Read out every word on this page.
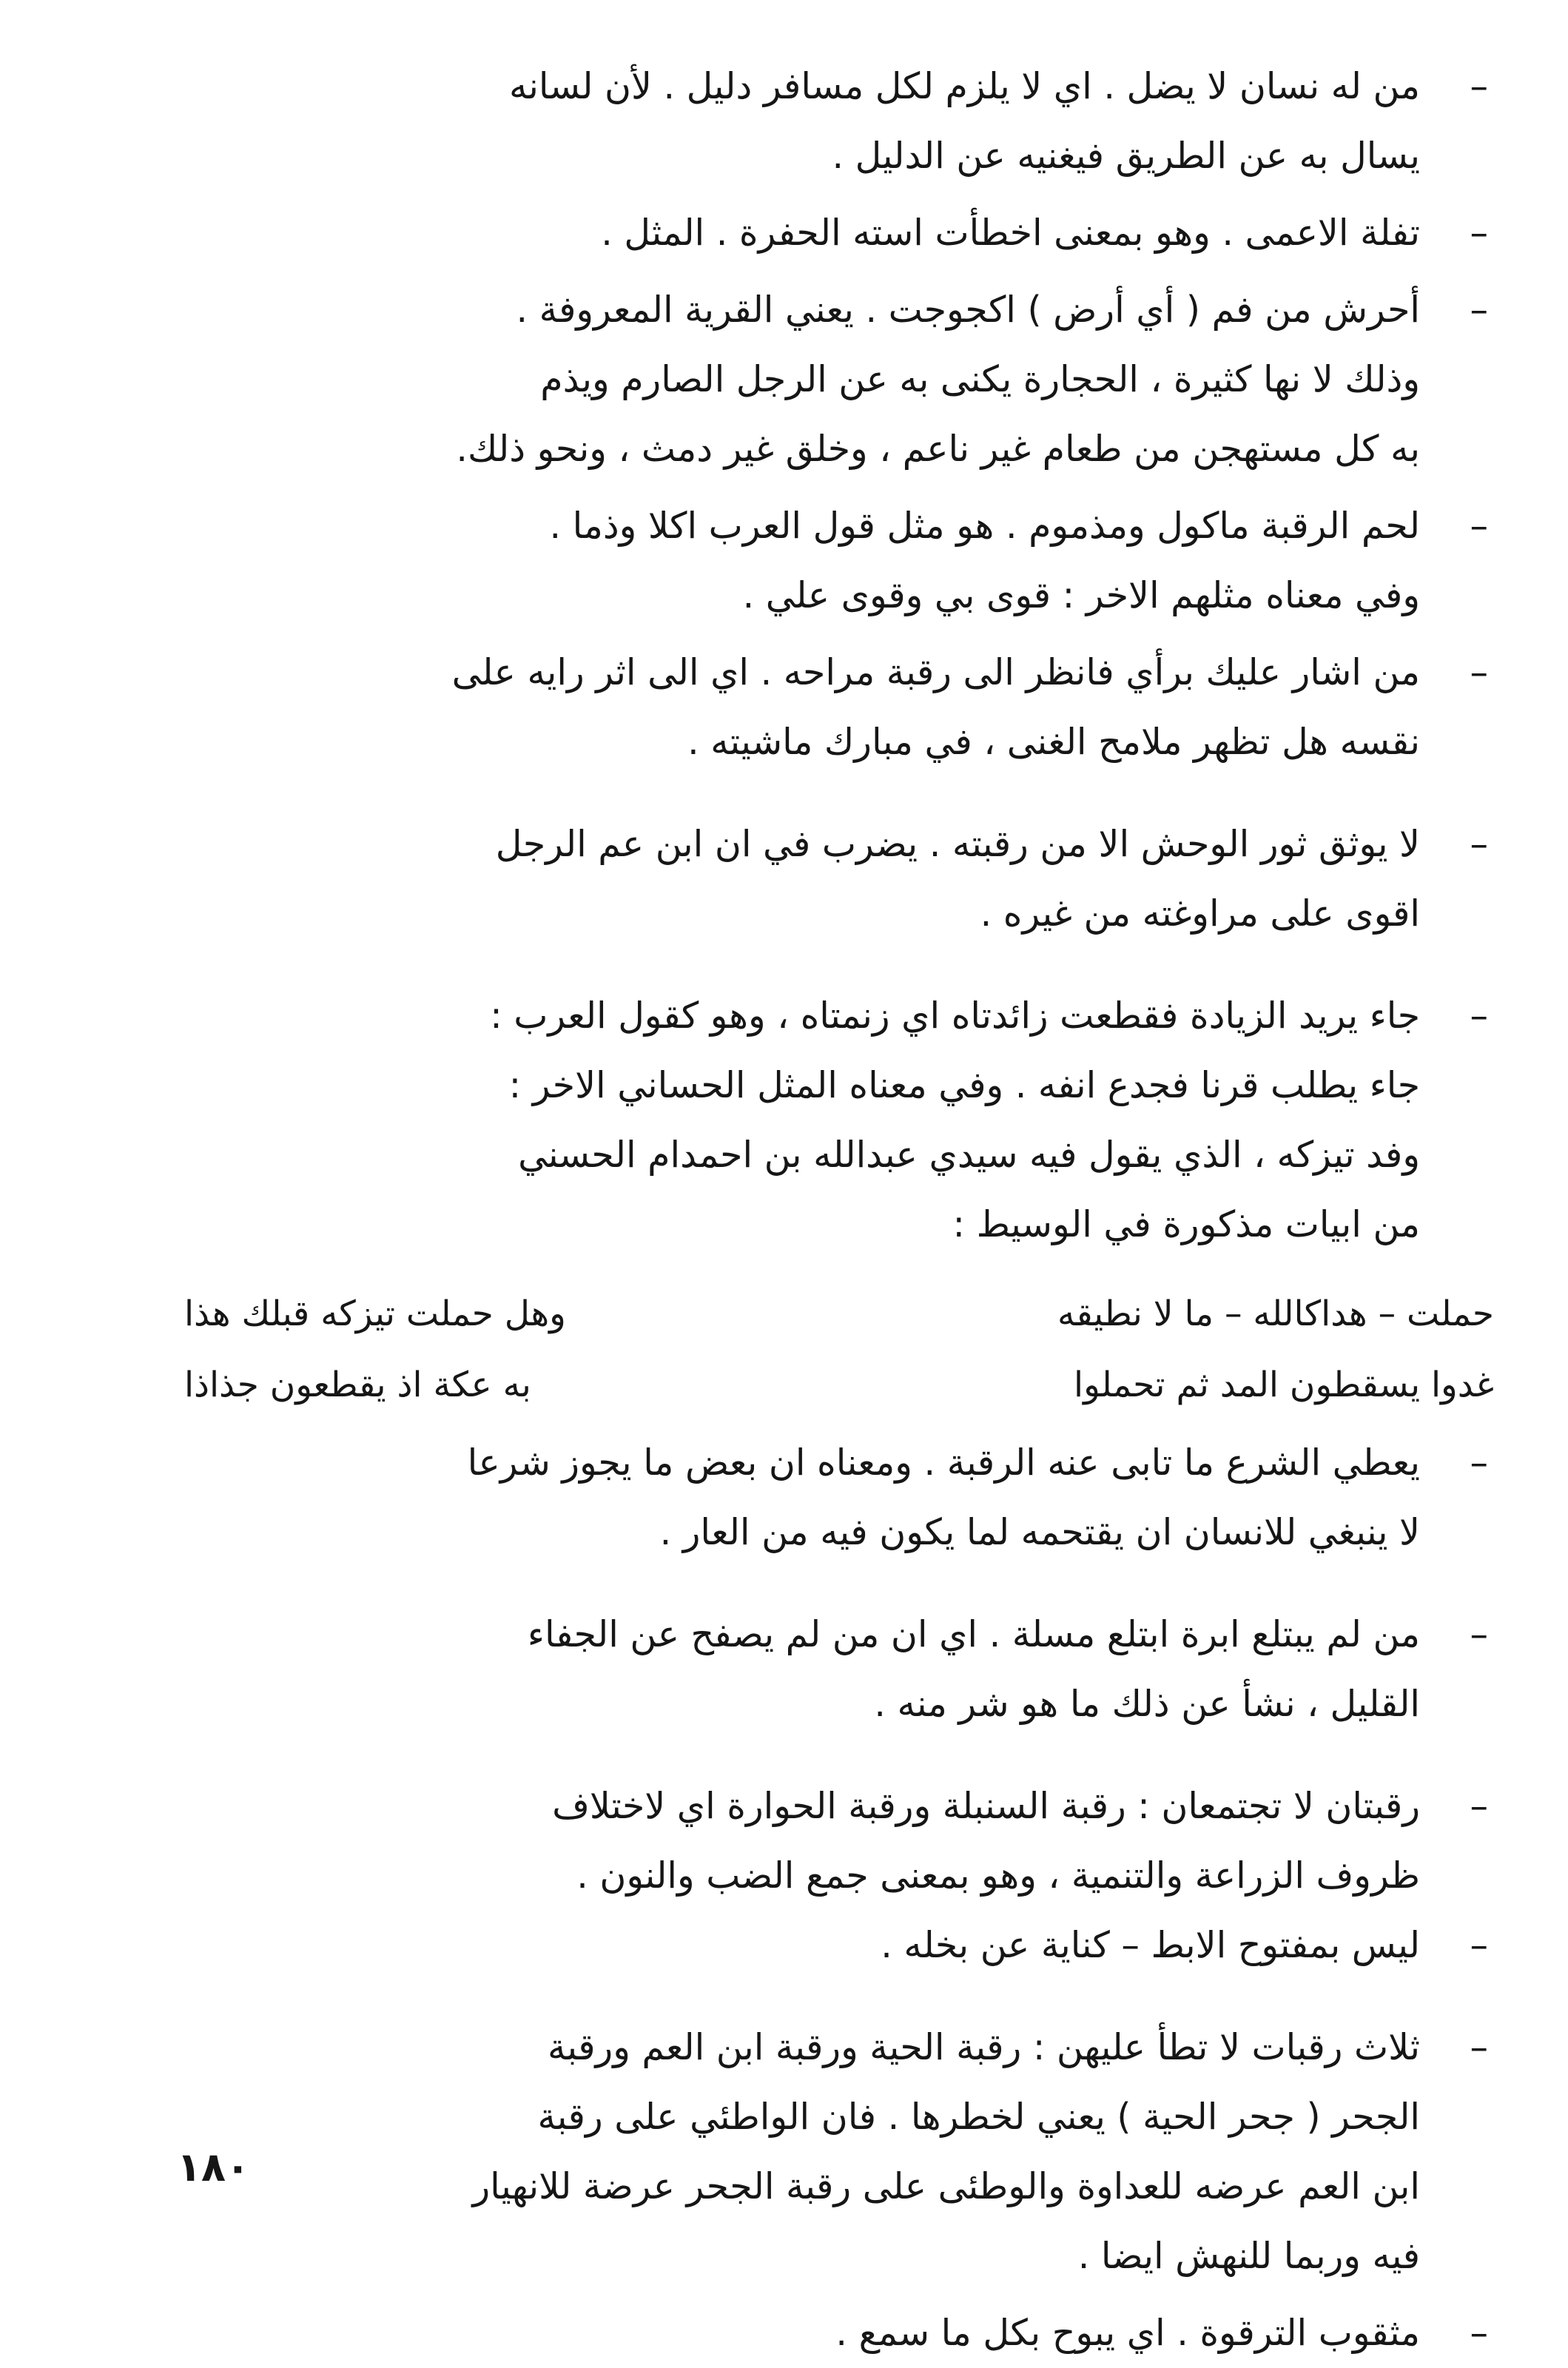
–
من له نسان لا يضل . اي لا يلزم لكل مسافر دليل . لأن لسانه
يسال به عن الطريق فيغنيه عن الدليل .
–
تفلة الاعمى . وهو بمعنى اخطأت استه الحفرة . المثل .
–
أحرش من فم ( أي أرض ) اكجوجت . يعني القرية المعروفة .
وذلك لا نها كثيرة ، الحجارة يكنى به عن الرجل الصارم ويذم
به كل مستهجن من طعام غير ناعم ، وخلق غير دمث ، ونحو ذلك.
–
لحم الرقبة ماكول ومذموم . هو مثل قول العرب اكلا وذما .
وفي معناه مثلهم الاخر : قوى بي وقوى علي .
–
من اشار عليك برأي فانظر الى رقبة مراحه . اي الى اثر رايه على
نقسه هل تظهر ملامح الغنى ، في مبارك ماشيته .
–
لا يوثق ثور الوحش الا من رقبته . يضرب في ان ابن عم الرجل
اقوى على مراوغته من غيره .
–
جاء يريد الزيادة فقطعت زائدتاه اي زنمتاه ، وهو كقول العرب :
جاء يطلب قرنا فجدع انفه . وفي معناه المثل الحساني الاخر :
وفد تيزكه ، الذي يقول فيه سيدي عبدالله بن احمدام الحسني
من ابيات مذكورة في الوسيط :
حملت – هداكالله – ما لا نطيقه
وهل حملت تيزكه قبلك هذا
غدوا يسقطون المد ثم تحملوا
به عكة اذ يقطعون جذاذا
–
يعطي الشرع ما تابى عنه الرقبة . ومعناه ان بعض ما يجوز شرعا
لا ينبغي للانسان ان يقتحمه لما يكون فيه من العار .
–
من لم يبتلع ابرة ابتلع مسلة . اي ان من لم يصفح عن الجفاء
القليل ، نشأ عن ذلك ما هو شر منه .
–
رقبتان لا تجتمعان : رقبة السنبلة ورقبة الحوارة اي لاختلاف
ظروف الزراعة والتنمية ، وهو بمعنى جمع الضب والنون .
–
ليس بمفتوح الابط – كناية عن بخله .
–
ثلاث رقبات لا تطأ عليهن : رقبة الحية ورقبة ابن العم ورقبة
الجحر ( جحر الحية ) يعني لخطرها . فان الواطئي على رقبة
ابن العم عرضه للعداوة والوطئى على رقبة الجحر عرضة للانهيار
فيه وربما للنهش ايضا .
–
مثقوب الترقوة . اي يبوح بكل ما سمع .
١٨٠
